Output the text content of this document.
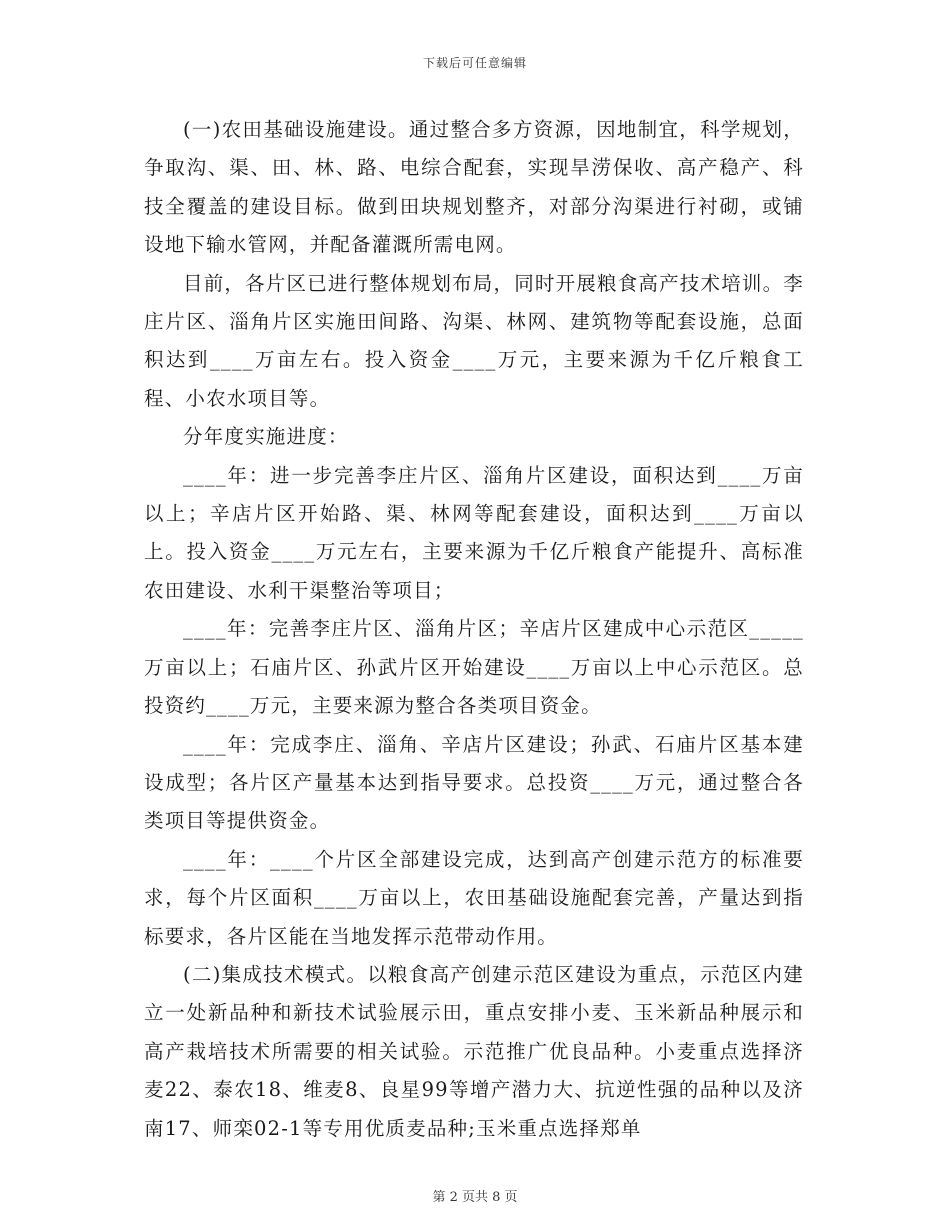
下载后可任意编辑

(一)农田基础设施建设。通过整合多方资源，因地制宜，科学规划，争取沟、渠、田、林、路、电综合配套，实现旱涝保收、高产稳产、科技全覆盖的建设目标。做到田块规划整齐，对部分沟渠进行衬砌，或铺设地下输水管网，并配备灌溉所需电网。

目前，各片区已进行整体规划布局，同时开展粮食高产技术培训。李庄片区、淄角片区实施田间路、沟渠、林网、建筑物等配套设施，总面积达到____万亩左右。投入资金____万元，主要来源为千亿斤粮食工程、小农水项目等。

分年度实施进度：

____年：进一步完善李庄片区、淄角片区建设，面积达到____万亩以上；辛店片区开始路、渠、林网等配套建设，面积达到____万亩以上。投入资金____万元左右，主要来源为千亿斤粮食产能提升、高标准农田建设、水利干渠整治等项目；

____年：完善李庄片区、淄角片区；辛店片区建成中心示范区_____万亩以上；石庙片区、孙武片区开始建设____万亩以上中心示范区。总投资约____万元，主要来源为整合各类项目资金。

____年：完成李庄、淄角、辛店片区建设；孙武、石庙片区基本建设成型；各片区产量基本达到指导要求。总投资____万元，通过整合各类项目等提供资金。

____年：____个片区全部建设完成，达到高产创建示范方的标准要求，每个片区面积____万亩以上，农田基础设施配套完善，产量达到指标要求，各片区能在当地发挥示范带动作用。

(二)集成技术模式。以粮食高产创建示范区建设为重点，示范区内建立一处新品种和新技术试验展示田，重点安排小麦、玉米新品种展示和高产栽培技术所需要的相关试验。示范推广优良品种。小麦重点选择济麦22、泰农18、维麦8、良星99等增产潜力大、抗逆性强的品种以及济南17、师栾02-1等专用优质麦品种;玉米重点选择郑单

第 2 页共 8 页
